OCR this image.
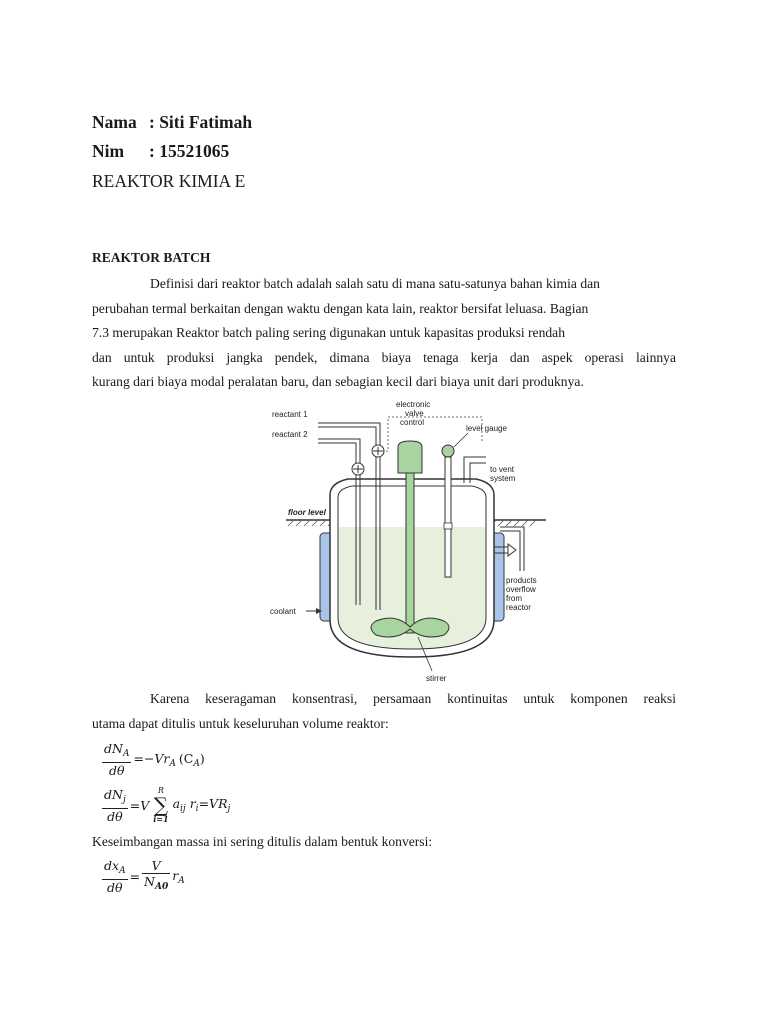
Nama : Siti Fatimah
Nim : 15521065
REAKTOR KIMIA E
REAKTOR BATCH
Definisi dari reaktor batch adalah salah satu di mana satu-satunya bahan kimia dan
perubahan termal berkaitan dengan waktu dengan kata lain, reaktor bersifat leluasa. Bagian
7.3 merupakan Reaktor batch paling sering digunakan untuk kapasitas produksi rendah
dan untuk produksi jangka pendek, dimana biaya tenaga kerja dan aspek operasi lainnya
kurang dari biaya modal peralatan baru, dan sebagian kecil dari biaya unit dari produknya.
reactant 1
reactant 2
electronic
valve
control
level gauge
to vent
system
floor level
products
overflow
from
reactor
coolant
stirrer
Karena keseragaman konsentrasi, persamaan kontinuitas untuk komponen reaksi
utama dapat ditulis untuk keseluruhan volume reaktor:
$\frac{dN_A}{d\theta} =-Vr_A$ $(C_A)$
$\frac{dN_j}{d\theta} =V$
R
∑
i=1
$a_{ij}$ $r_i=VR_j$
Keseimbangan massa ini sering ditulis dalam bentuk konversi:
$\frac{dx_A}{d\theta} = \frac{V}{N_{A0}} r_A$
